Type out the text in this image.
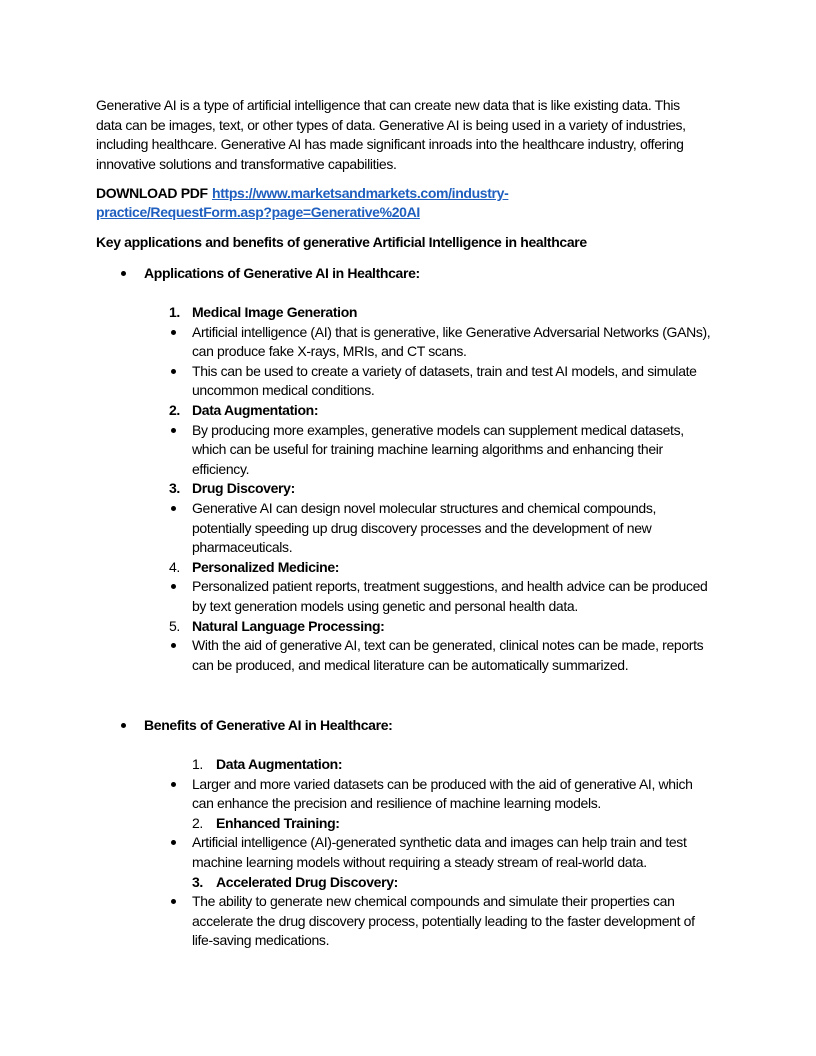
Generative AI is a type of artificial intelligence that can create new data that is like existing data. This
data can be images, text, or other types of data. Generative AI is being used in a variety of industries,
including healthcare. Generative AI has made significant inroads into the healthcare industry, offering
innovative solutions and transformative capabilities.
DOWNLOAD PDF https://www.marketsandmarkets.com/industry-
practice/RequestForm.asp?page=Generative%20AI
Key applications and benefits of generative Artificial Intelligence in healthcare
Applications of Generative AI in Healthcare:
1. Medical Image Generation
Artificial intelligence (AI) that is generative, like Generative Adversarial Networks (GANs),
can produce fake X-rays, MRIs, and CT scans.
This can be used to create a variety of datasets, train and test AI models, and simulate
uncommon medical conditions.
2. Data Augmentation:
By producing more examples, generative models can supplement medical datasets,
which can be useful for training machine learning algorithms and enhancing their
efficiency.
3. Drug Discovery:
Generative AI can design novel molecular structures and chemical compounds,
potentially speeding up drug discovery processes and the development of new
pharmaceuticals.
4. Personalized Medicine:
Personalized patient reports, treatment suggestions, and health advice can be produced
by text generation models using genetic and personal health data.
5. Natural Language Processing:
With the aid of generative AI, text can be generated, clinical notes can be made, reports
can be produced, and medical literature can be automatically summarized.
Benefits of Generative AI in Healthcare:
1. Data Augmentation:
Larger and more varied datasets can be produced with the aid of generative AI, which
can enhance the precision and resilience of machine learning models.
2. Enhanced Training:
Artificial intelligence (AI)-generated synthetic data and images can help train and test
machine learning models without requiring a steady stream of real-world data.
3. Accelerated Drug Discovery:
The ability to generate new chemical compounds and simulate their properties can
accelerate the drug discovery process, potentially leading to the faster development of
life-saving medications.
